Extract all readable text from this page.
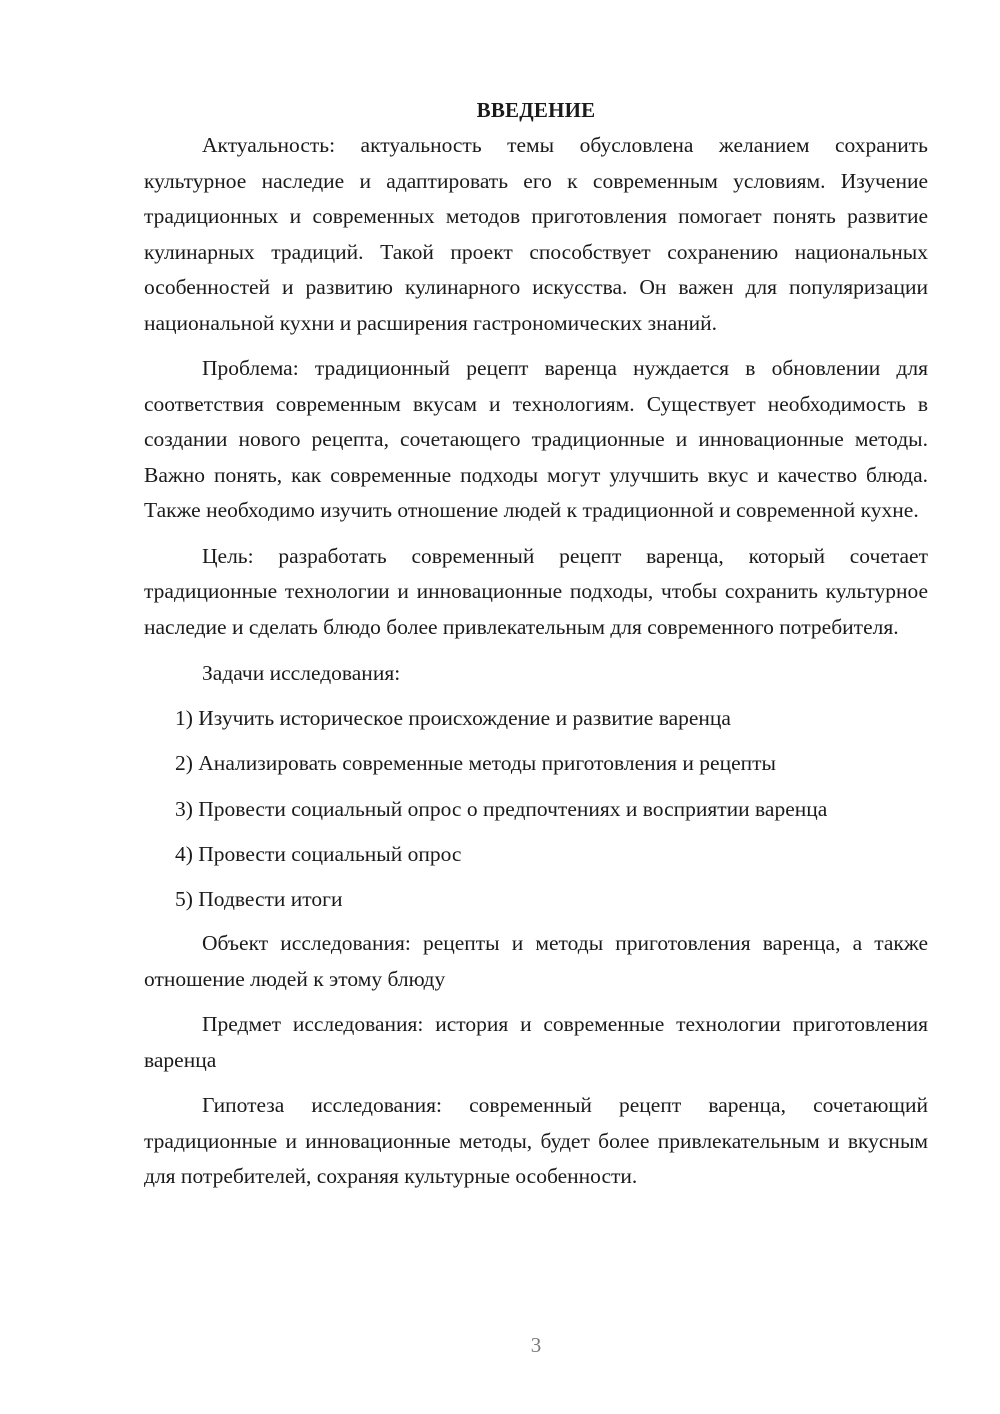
ВВЕДЕНИЕ

Актуальность: актуальность темы обусловлена желанием сохранить культурное наследие и адаптировать его к современным условиям. Изучение традиционных и современных методов приготовления помогает понять развитие кулинарных традиций. Такой проект способствует сохранению национальных особенностей и развитию кулинарного искусства. Он важен для популяризации национальной кухни и расширения гастрономических знаний.

Проблема: традиционный рецепт варенца нуждается в обновлении для соответствия современным вкусам и технологиям. Существует необходимость в создании нового рецепта, сочетающего традиционные и инновационные методы. Важно понять, как современные подходы могут улучшить вкус и качество блюда. Также необходимо изучить отношение людей к традиционной и современной кухне.

Цель: разработать современный рецепт варенца, который сочетает традиционные технологии и инновационные подходы, чтобы сохранить культурное наследие и сделать блюдо более привлекательным для современного потребителя.

Задачи исследования:

1) Изучить историческое происхождение и развитие варенца
2) Анализировать современные методы приготовления и рецепты
3) Провести социальный опрос о предпочтениях и восприятии варенца
4) Провести социальный опрос
5) Подвести итоги

Объект исследования: рецепты и методы приготовления варенца, а также отношение людей к этому блюду

Предмет исследования: история и современные технологии приготовления варенца

Гипотеза исследования: современный рецепт варенца, сочетающий традиционные и инновационные методы, будет более привлекательным и вкусным для потребителей, сохраняя культурные особенности.

3
